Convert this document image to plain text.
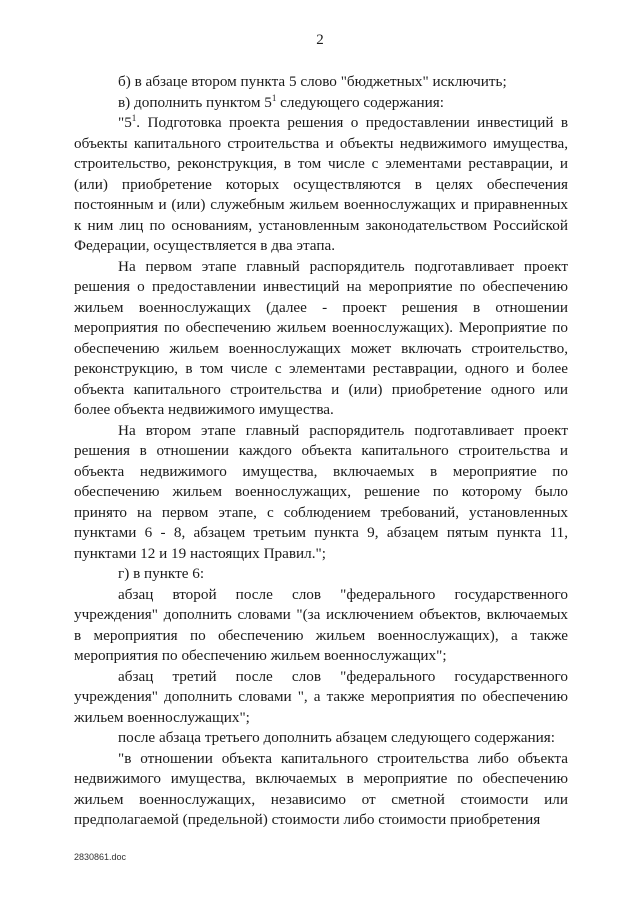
2

б) в абзаце втором пункта 5 слово "бюджетных" исключить;

в) дополнить пунктом $5^1$ следующего содержания:

"$5^1$. Подготовка проекта решения о предоставлении инвестиций в объекты капитального строительства и объекты недвижимого имущества, строительство, реконструкция, в том числе с элементами реставрации, и (или) приобретение которых осуществляются в целях обеспечения постоянным и (или) служебным жильем военнослужащих и приравненных к ним лиц по основаниям, установленным законодательством Российской Федерации, осуществляется в два этапа.

На первом этапе главный распорядитель подготавливает проект решения о предоставлении инвестиций на мероприятие по обеспечению жильем военнослужащих (далее - проект решения в отношении мероприятия по обеспечению жильем военнослужащих). Мероприятие по обеспечению жильем военнослужащих может включать строительство, реконструкцию, в том числе с элементами реставрации, одного и более объекта капитального строительства и (или) приобретение одного или более объекта недвижимого имущества.

На втором этапе главный распорядитель подготавливает проект решения в отношении каждого объекта капитального строительства и объекта недвижимого имущества, включаемых в мероприятие по обеспечению жильем военнослужащих, решение по которому было принято на первом этапе, с соблюдением требований, установленных пунктами 6 - 8, абзацем третьим пункта 9, абзацем пятым пункта 11, пунктами 12 и 19 настоящих Правил.";

г) в пункте 6:

абзац второй после слов "федерального государственного учреждения" дополнить словами "(за исключением объектов, включаемых в мероприятия по обеспечению жильем военнослужащих), а также мероприятия по обеспечению жильем военнослужащих";

абзац третий после слов "федерального государственного учреждения" дополнить словами ", а также мероприятия по обеспечению жильем военнослужащих";

после абзаца третьего дополнить абзацем следующего содержания:

"в отношении объекта капитального строительства либо объекта недвижимого имущества, включаемых в мероприятие по обеспечению жильем военнослужащих, независимо от сметной стоимости или предполагаемой (предельной) стоимости либо стоимости приобретения

2830861.doc
